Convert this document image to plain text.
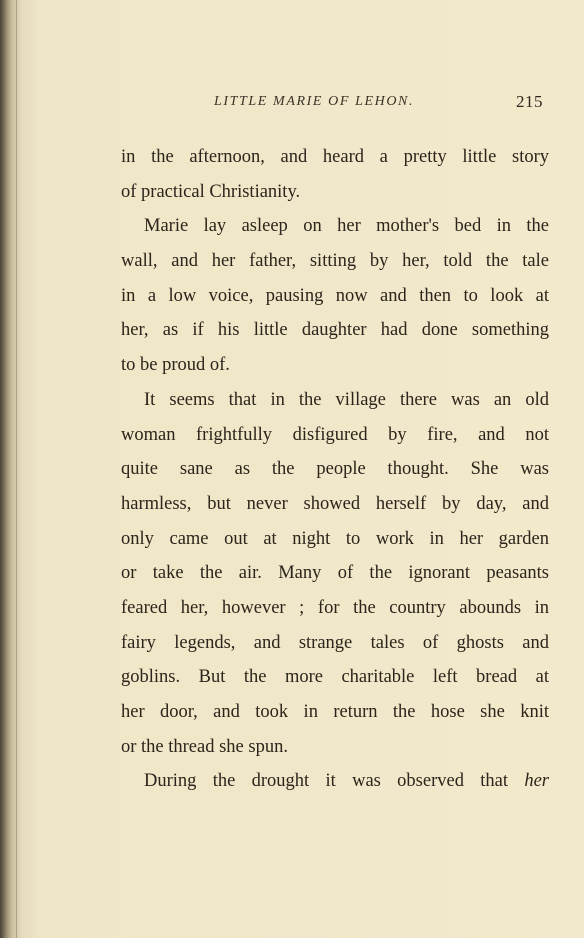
LITTLE MARIE OF LEHON.	215
in the afternoon, and heard a pretty little story
of practical Christianity.
Marie lay asleep on her mother's bed in the
wall, and her father, sitting by her, told the tale
in a low voice, pausing now and then to look at
her, as if his little daughter had done something
to be proud of.
It seems that in the village there was an old
woman frightfully disfigured by fire, and not
quite sane as the people thought. She was
harmless, but never showed herself by day, and
only came out at night to work in her garden
or take the air. Many of the ignorant peasants
feared her, however ; for the country abounds in
fairy legends, and strange tales of ghosts and
goblins. But the more charitable left bread at
her door, and took in return the hose she knit
or the thread she spun.
During the drought it was observed that her
